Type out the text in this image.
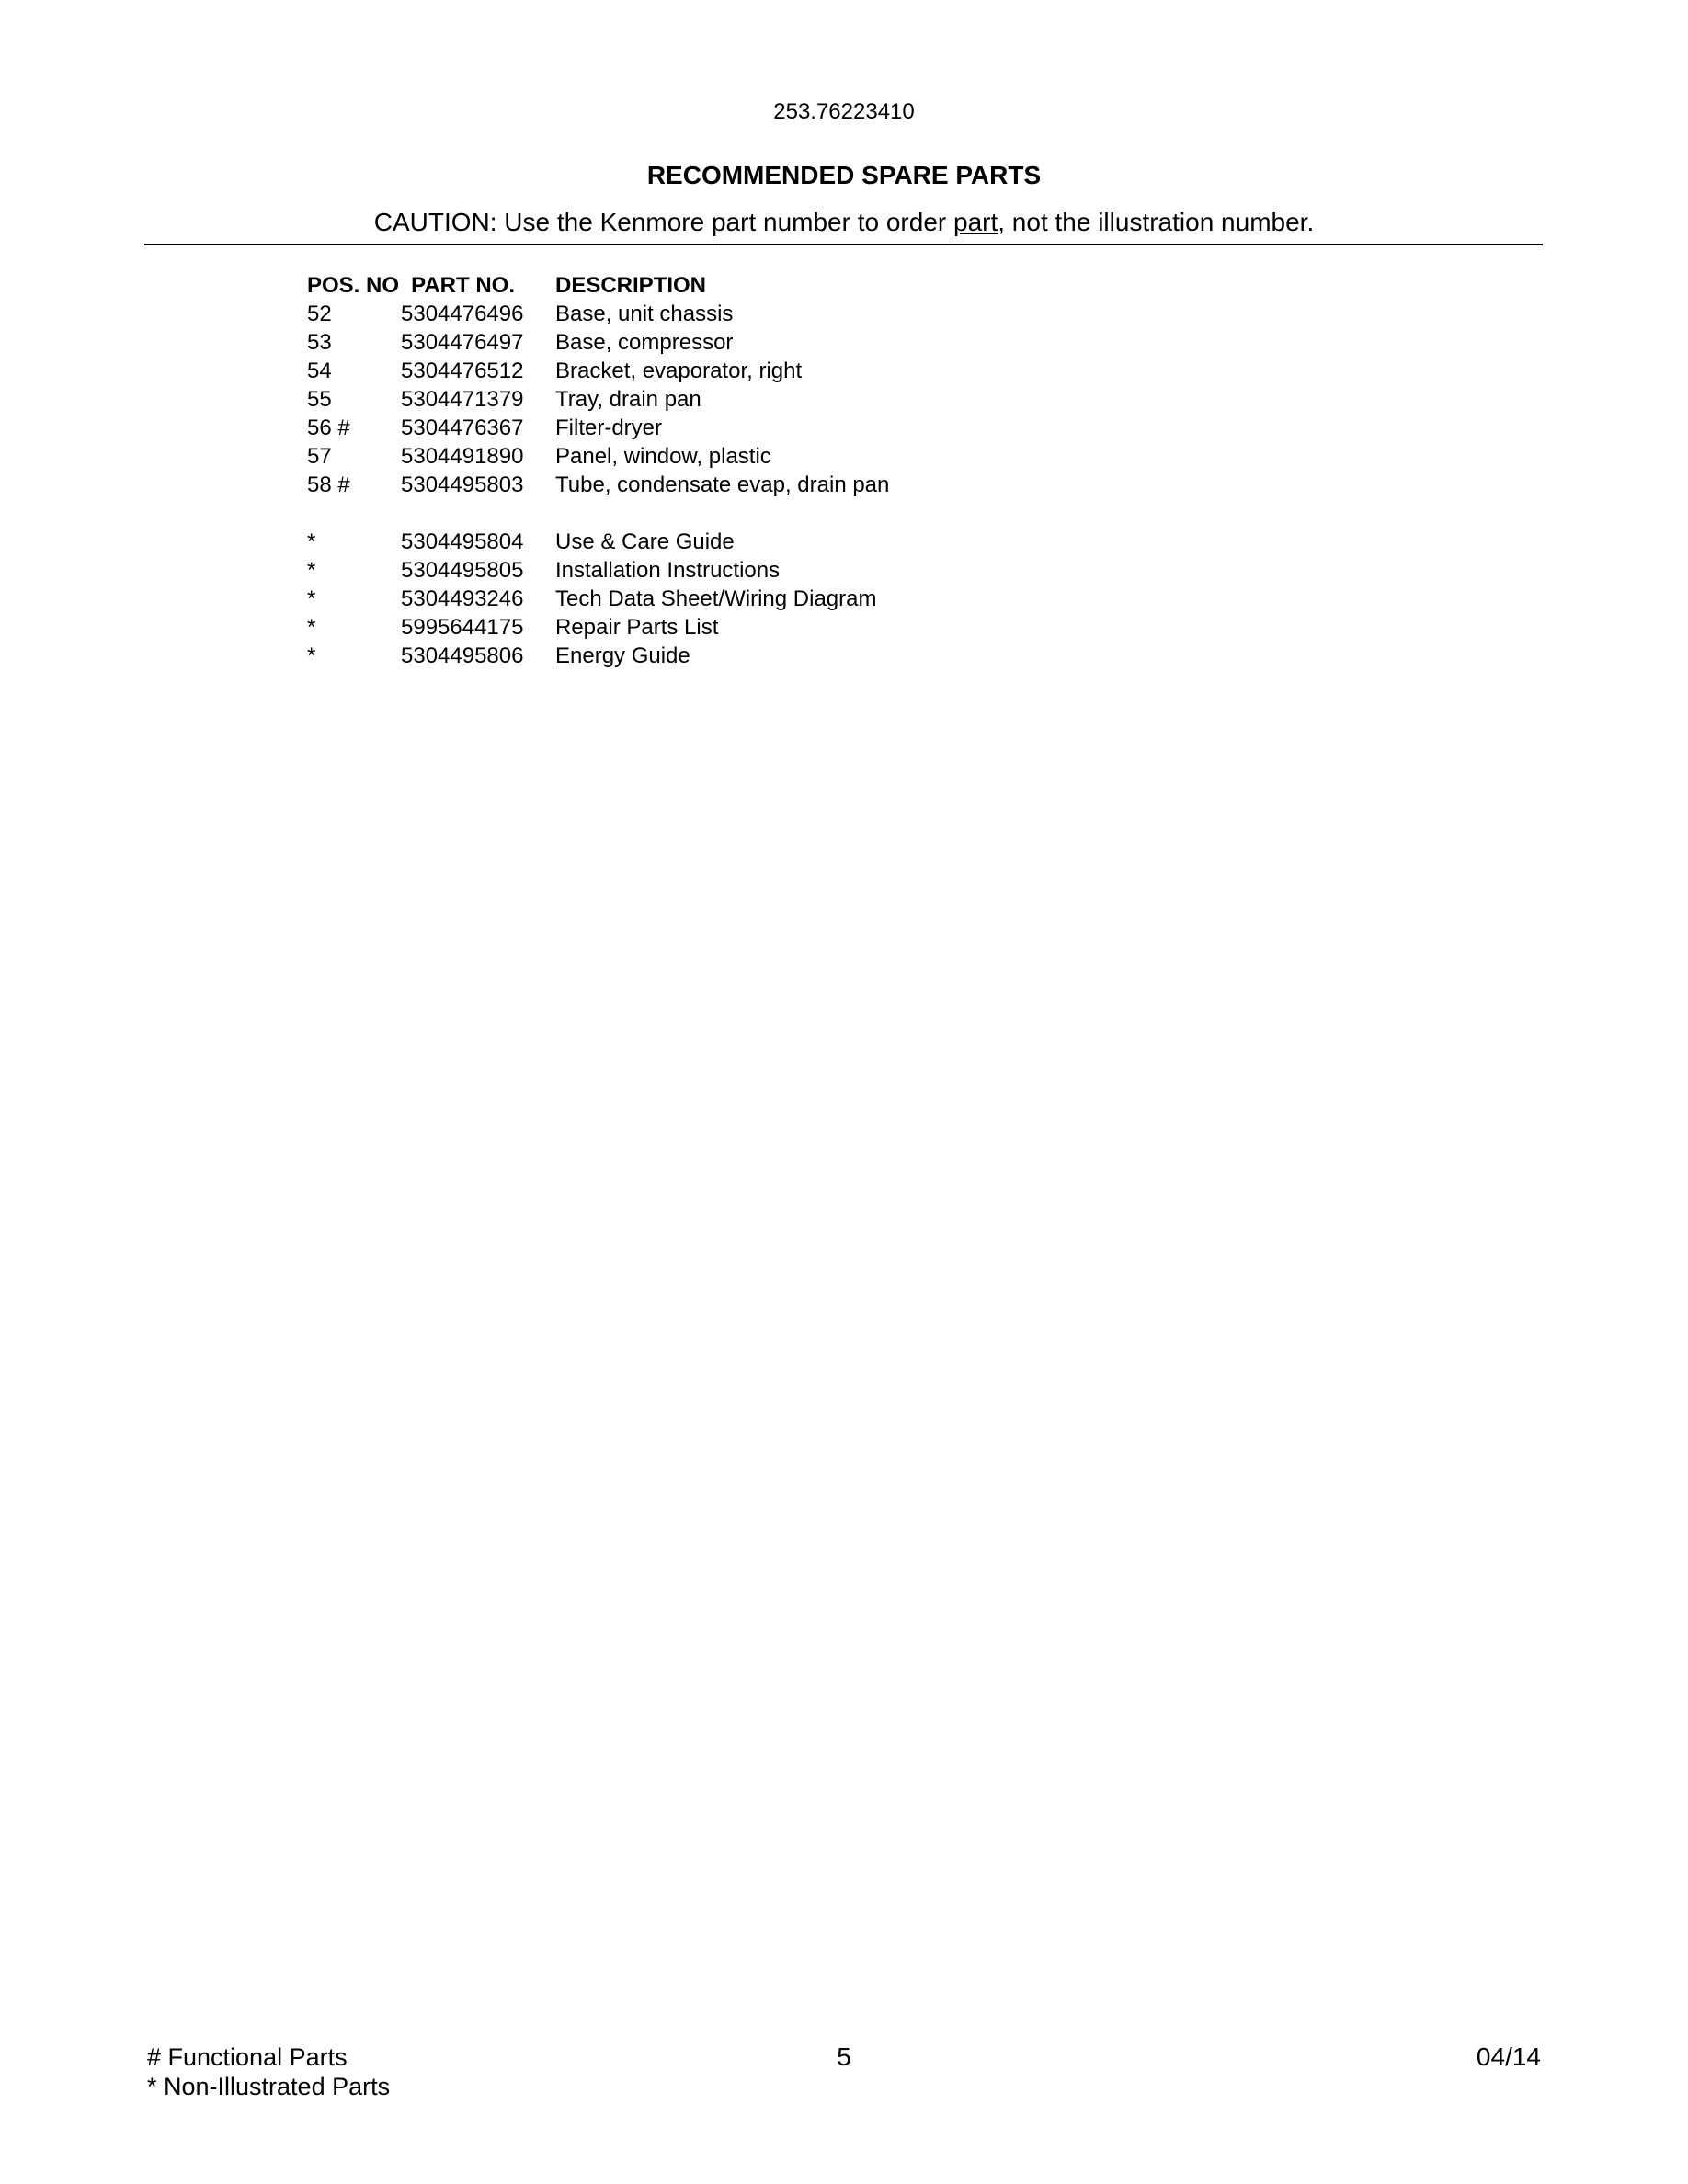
253.76223410
RECOMMENDED SPARE PARTS
CAUTION: Use the Kenmore part number to order part, not the illustration number.
POS. NO PART NO.	DESCRIPTION
52	5304476496	Base, unit chassis
53	5304476497	Base, compressor
54	5304476512	Bracket, evaporator, right
55	5304471379	Tray, drain pan
56 #	5304476367	Filter-dryer
57	5304491890	Panel, window, plastic
58 #	5304495803	Tube, condensate evap, drain pan
*	5304495804	Use & Care Guide
*	5304495805	Installation Instructions
*	5304493246	Tech Data Sheet/Wiring Diagram
*	5995644175	Repair Parts List
*	5304495806	Energy Guide
# Functional Parts
* Non-Illustrated Parts
5	04/14
